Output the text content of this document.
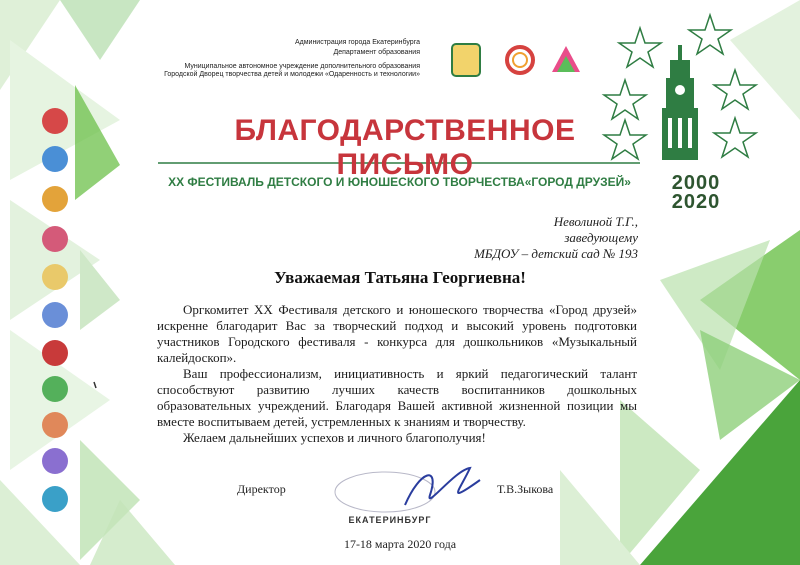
Администрация города Екатеринбурга
Департамент образования
Муниципальное автономное учреждение дополнительного образования
Городской Дворец творчества детей и молодежи «Одаренность и технологии»
БЛАГОДАРСТВЕННОЕ ПИСЬМО
XX ФЕСТИВАЛЬ ДЕТСКОГО И ЮНОШЕСКОГО ТВОРЧЕСТВА«ГОРОД ДРУЗЕЙ»	2000
2020
Неволиной Т.Г.,
заведующему
МБДОУ – детский сад № 193
Уважаемая Татьяна Георгиевна!

Оргкомитет XX Фестиваля детского и юношеского творчества «Город друзей» искренне благодарит Вас за творческий подход и высокий уровень подготовки участников Городского фестиваля - конкурса для дошкольников «Музыкальный калейдоскоп».

Ваш профессионализм, инициативность и яркий педагогический талант способствуют развитию лучших качеств воспитанников дошкольных образовательных учреждений. Благодаря Вашей активной жизненной позиции мы вместе воспитываем детей, устремленных к знаниям и творчеству.

Желаем дальнейших успехов и личного благополучия!

Директор	Т.В.Зыкова
ЕКАТЕРИНБУРГ
17-18 марта 2020 года
